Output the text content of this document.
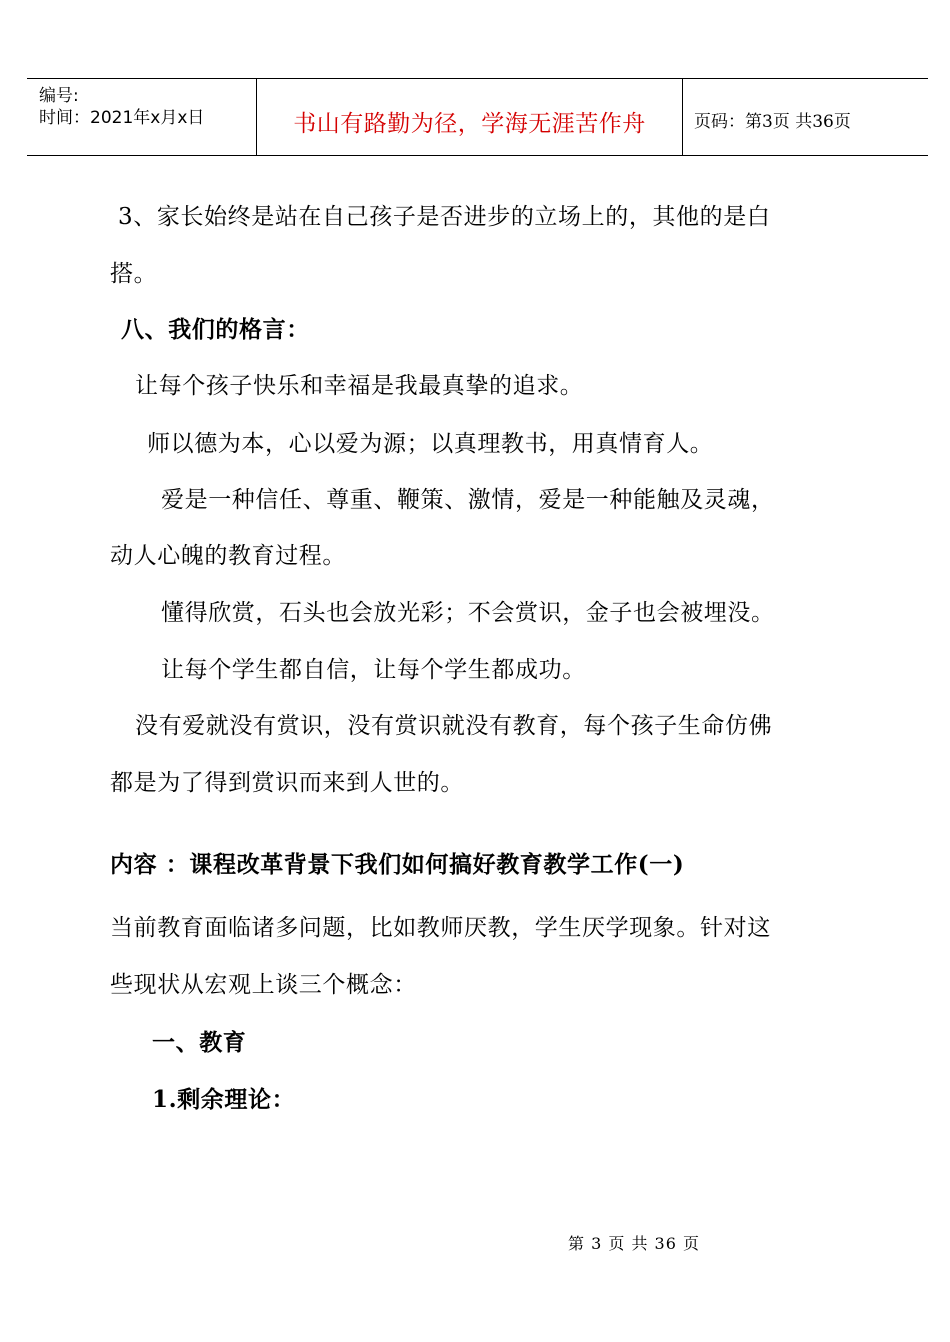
编号:
时间：2021年x月x日	书山有路勤为径，学海无涯苦作舟	页码：第3页 共36页
3、家长始终是站在自己孩子是否进步的立场上的，其他的是白
搭。
八、我们的格言：
让每个孩子快乐和幸福是我最真挚的追求。
师以德为本，心以爱为源；以真理教书，用真情育人。
爱是一种信任、尊重、鞭策、激情，爱是一种能触及灵魂，
动人心魄的教育过程。
懂得欣赏，石头也会放光彩；不会赏识，金子也会被埋没。
让每个学生都自信，让每个学生都成功。
没有爱就没有赏识，没有赏识就没有教育，每个孩子生命仿佛
都是为了得到赏识而来到人世的。
内容 ：课程改革背景下我们如何搞好教育教学工作(一)
当前教育面临诸多问题，比如教师厌教，学生厌学现象。针对这
些现状从宏观上谈三个概念：
一、教育
1.剩余理论：
第 3 页 共 36 页
